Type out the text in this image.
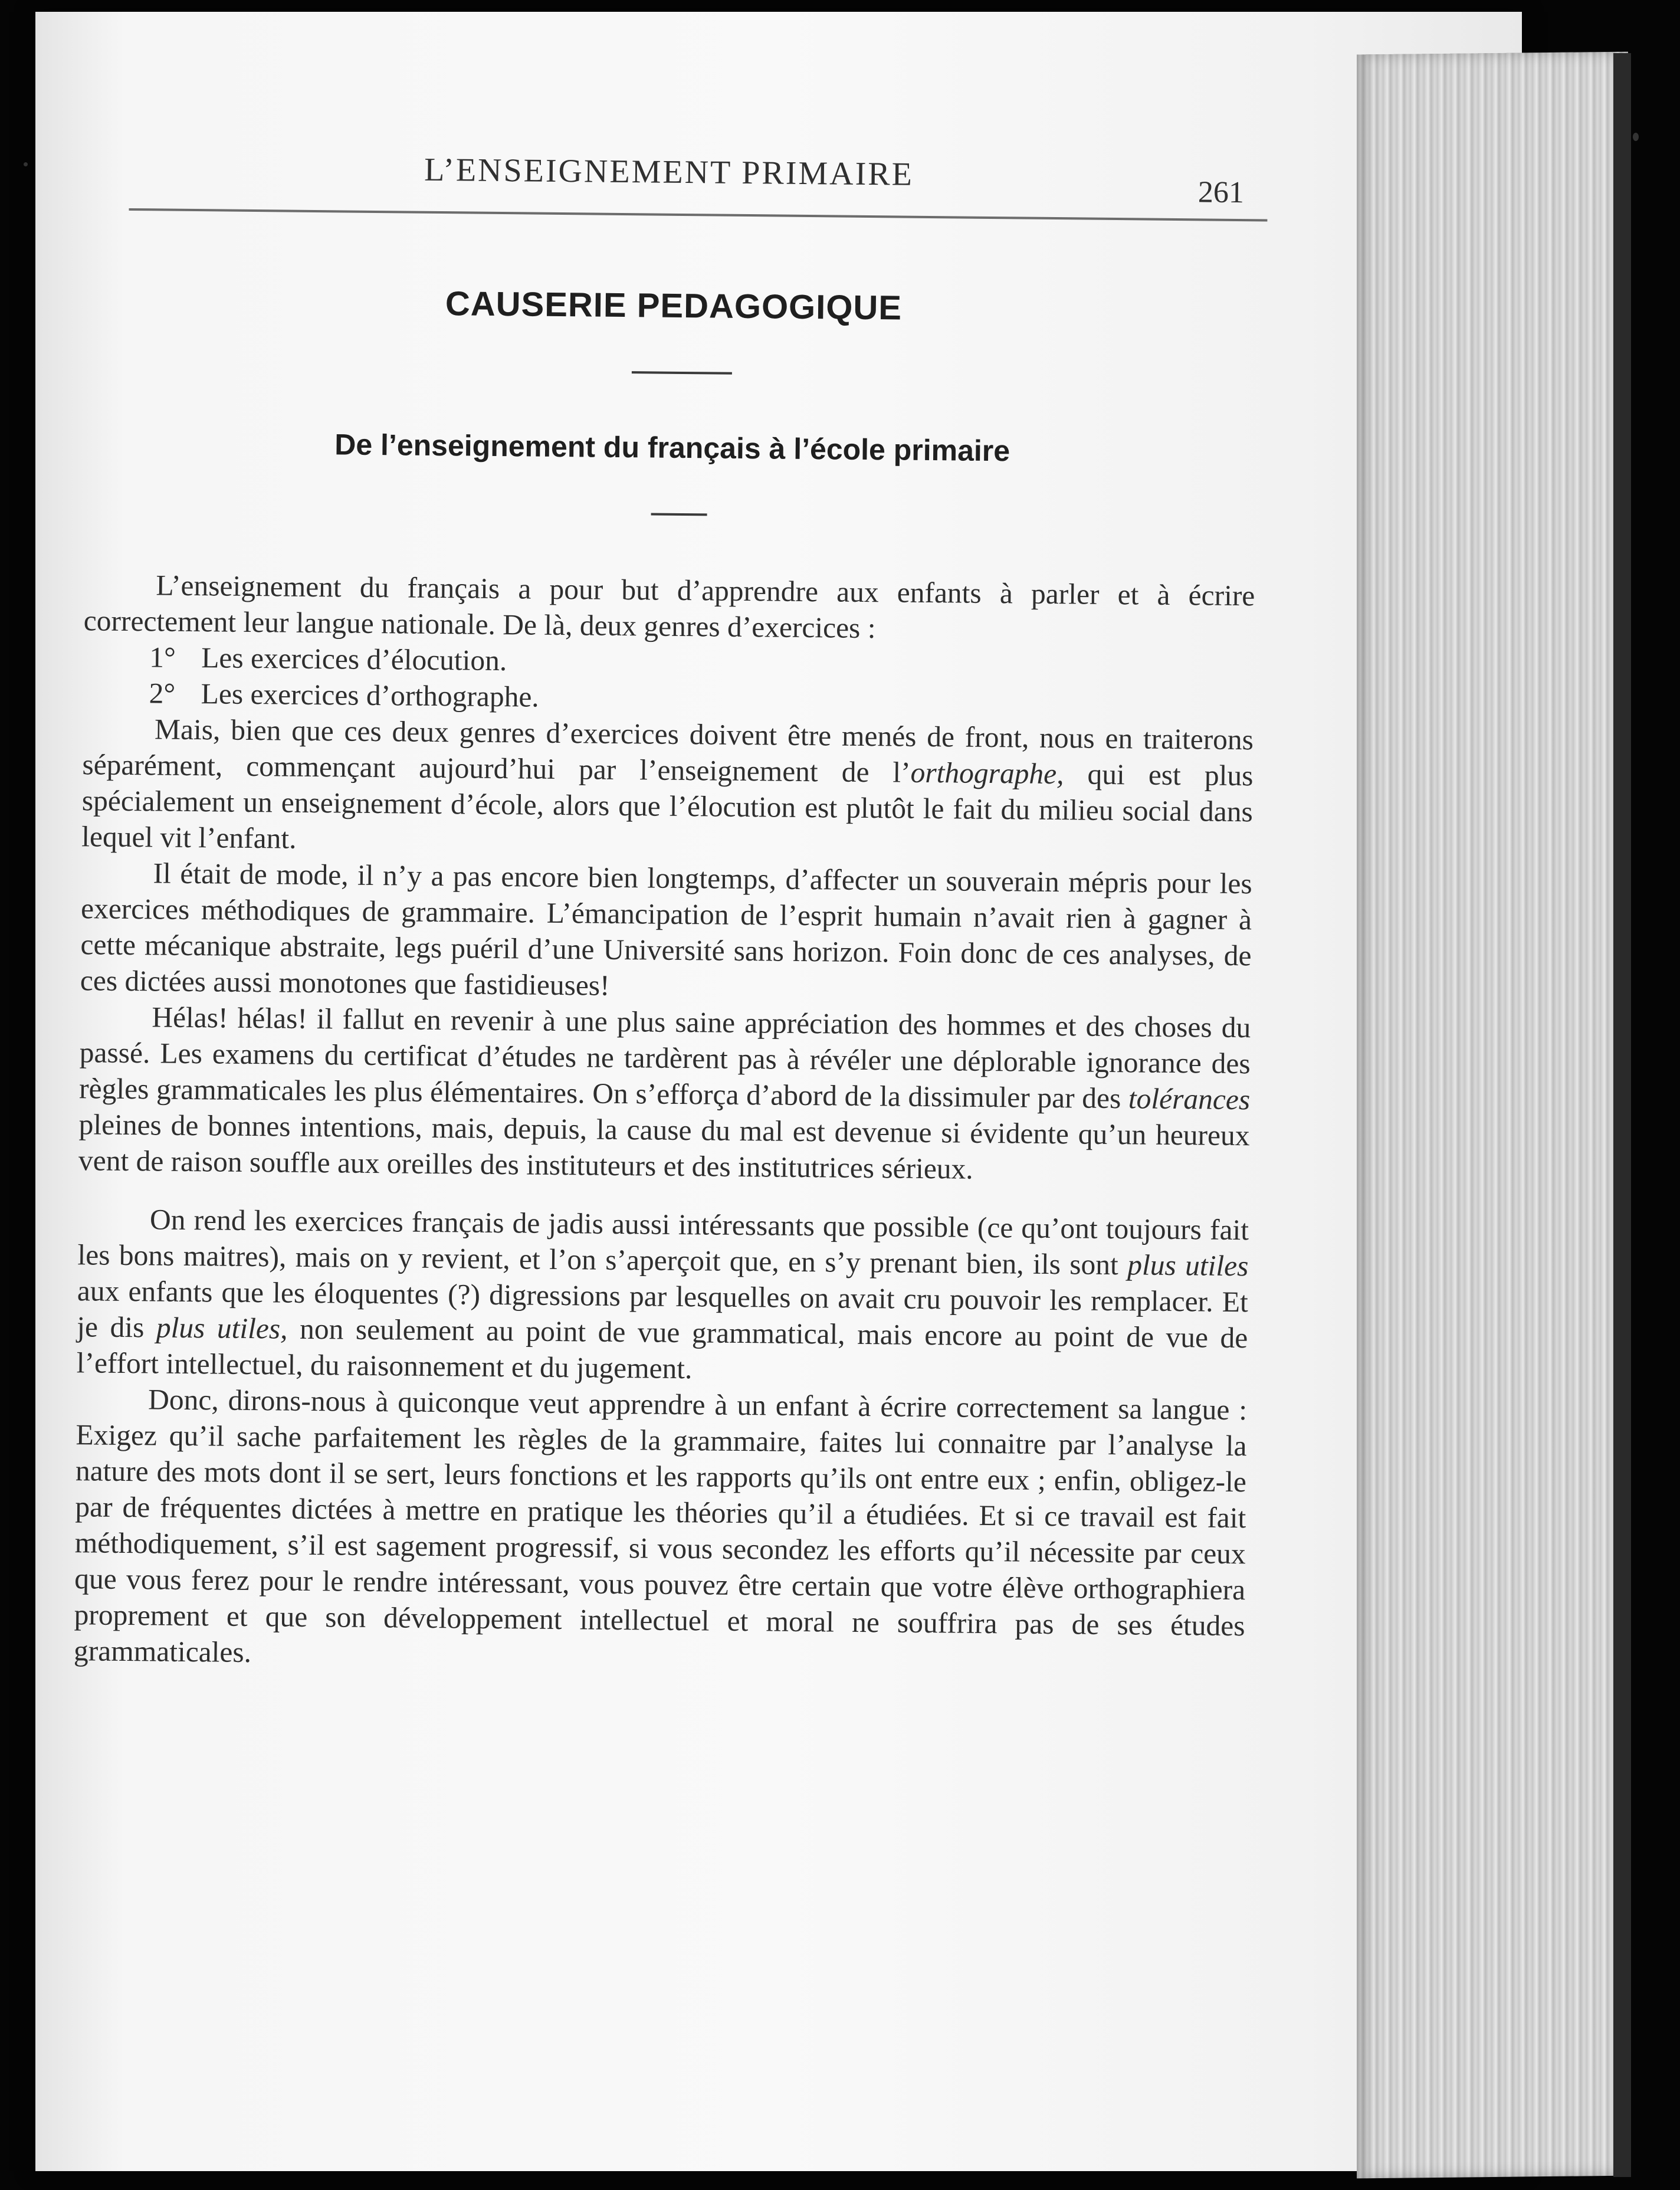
L’ENSEIGNEMENT PRIMAIRE	261
CAUSERIE PEDAGOGIQUE
De l’enseignement du français à l’école primaire

L’enseignement du français a pour but d’apprendre aux enfants à parler et à écrire correctement leur langue nationale. De là, deux genres d’exercices :

1° Les exercices d’élocution.
2° Les exercices d’orthographe.

Mais, bien que ces deux genres d’exercices doivent être menés de front, nous en traiterons séparément, commençant aujourd’hui par l’enseignement de l’orthographe, qui est plus spécialement un enseignement d’école, alors que l’élocution est plutôt le fait du milieu social dans lequel vit l’enfant.

Il était de mode, il n’y a pas encore bien longtemps, d’affecter un souverain mépris pour les exercices méthodiques de grammaire. L’émancipation de l’esprit humain n’avait rien à gagner à cette mécanique abstraite, legs puéril d’une Université sans horizon. Foin donc de ces analyses, de ces dictées aussi monotones que fastidieuses!

Hélas! hélas! il fallut en revenir à une plus saine appréciation des hommes et des choses du passé. Les examens du certificat d’études ne tardèrent pas à révéler une déplorable ignorance des règles grammaticales les plus élémentaires. On s’efforça d’abord de la dissimuler par des tolérances pleines de bonnes intentions, mais, depuis, la cause du mal est devenue si évidente qu’un heureux vent de raison souffle aux oreilles des instituteurs et des institutrices sérieux.

On rend les exercices français de jadis aussi intéressants que possible (ce qu’ont toujours fait les bons maitres), mais on y revient, et l’on s’aperçoit que, en s’y prenant bien, ils sont plus utiles aux enfants que les éloquentes (?) digressions par lesquelles on avait cru pouvoir les remplacer. Et je dis plus utiles, non seulement au point de vue grammatical, mais encore au point de vue de l’effort intellectuel, du raisonnement et du jugement.

Donc, dirons-nous à quiconque veut apprendre à un enfant à écrire correctement sa langue : Exigez qu’il sache parfaitement les règles de la grammaire, faites lui connaitre par l’analyse la nature des mots dont il se sert, leurs fonctions et les rapports qu’ils ont entre eux ; enfin, obligez-le par de fréquentes dictées à mettre en pratique les théories qu’il a étudiées. Et si ce travail est fait méthodiquement, s’il est sagement progressif, si vous secondez les efforts qu’il nécessite par ceux que vous ferez pour le rendre intéressant, vous pouvez être certain que votre élève orthographiera proprement et que son développement intellectuel et moral ne souffrira pas de ses études grammaticales.
